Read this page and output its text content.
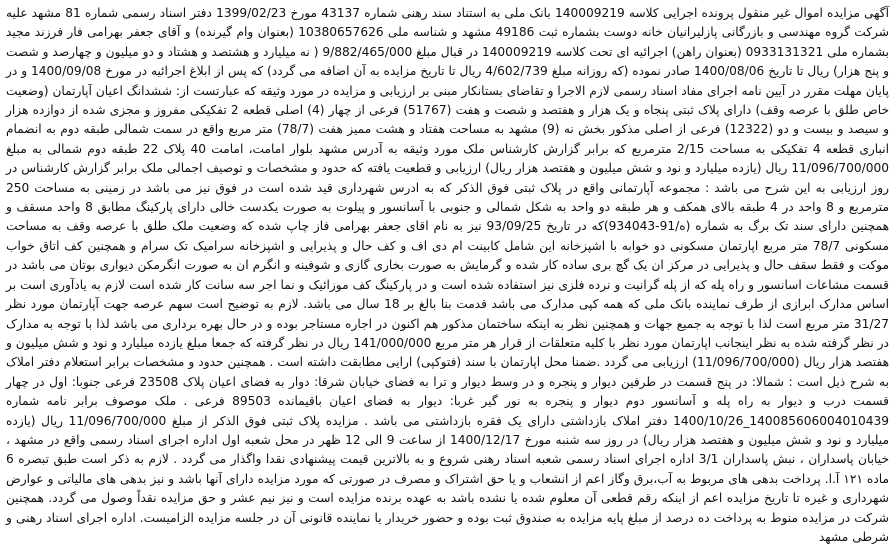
آگهی مزایده اموال غیر منقول پرونده اجرایی کلاسه 140009219 بانک ملی به استناد سند رهنی شماره 43137 مورخ 1399/02/23 دفتر اسناد رسمی شماره 81 مشهد علیه شرکت گروه مهندسی و بازرگانی پازلیرانیان خانه دوست بشماره ثبت 49186 مشهد و شناسه ملی 10380657626 (بعنوان وام گیرنده) و آقای جعفر بهرامی فار فرزند مجید بشماره ملی 0933131321 (بعنوان راهن) اجرائیه ای تحت کلاسه 140009219 در قبال مبلغ 9/882/465/000 ( نه میلیارد و هشتصد و هشتاد و دو میلیون و چهارصد و شصت و پنج هزار) ریال تا تاریخ 1400/08/06 صادر نموده (که روزانه مبلغ 4/602/739 ریال تا تاریخ مزایده به آن اضافه می گردد) که پس از ابلاغ اجرائیه در مورخ 1400/09/08 و در پایان مهلت مقرر در آیین نامه اجرای مفاد اسناد رسمی لازم الاجرا و تقاضای بستانکار مبنی بر ارزیابی و مزایده در مورد وثیقه که عبارتست از: ششدانگ اعیان آپارتمان (وضعیت خاص طلق با عرصه وقف) دارای پلاک ثبتی پنجاه و یک هزار و هفتصد و شصت و هفت (51767) فرعی از چهار (4) اصلی قطعه 2 تفکیکی مفروز و مجزی شده از دوازده هزار و سیصد و بیست و دو (12322) فرعی از اصلی مذکور بخش نه (9) مشهد به مساحت هفتاد و هشت ممیز هفت (78/7) متر مربع واقع در سمت شمالی طبقه دوم به انضمام انباری قطعه 4 تفکیکی به مساحت 2/15 مترمربع که برابر گزارش کارشناس ملک مورد وثیقه به آدرس مشهد بلوار امامت، امامت 40 پلاک 22 طبقه دوم شمالی به مبلغ 11/096/700/000 ریال (یازده میلیارد و نود و شش میلیون و هفتصد هزار ریال) ارزیابی و قطعیت یافته که حدود و مشخصات و توصیف اجمالی ملک برابر گزارش کارشناس در روز ارزیابی به این شرح می باشد : مجموعه آپارتمانی واقع در پلاک ثبتی فوق الذکر که به ادرس شهرداری قید شده است در فوق نیز می باشد در زمینی به مساحت 250 مترمربع و 8 واحد در 4 طبقه بالای همکف و هر طبقه دو واحد به شکل شمالی و جنوبی با آسانسور و پیلوت به صورت یکدست خالی دارای پارکینگ مطابق 8 واحد مسقف و همچنین دارای سند تک برگ به شماره (ه/91-934043)که در تاریخ 93/09/25 نیز به نام اقای جعفر بهرامی فاز چاپ شده که وضعیت ملک طلق با عرصه وقف به مساحت مسکونی 78/7 متر مربع اپارتمان مسکونی دو خوابه با اشپزخانه این شامل کابینت ام دی اف و کف حال و پذیرایی و اشپزخانه سرامیک تک سرام و همچنین کف اتاق خواب موکت و فقط سقف حال و پذیرایی در مرکز ان یک گچ بری ساده کار شده و گرمایش به صورت بخاری گازی و شوفینه و انگرم ان به صورت انگرمکن دیواری بوتان می باشد در قسمت مشاعات اسانسور و راه پله که از پله گرانیت و نرده فلزی نیز استفاده شده است و در پارکینگ کف موزائیک و نما اجر سه سانت کار شده است لازم به یادآوری است بر اساس مدارک ابرازی از طرف نماینده بانک ملی که همه کپی مدارک می باشد قدمت بنا بالغ بر 18 سال می باشد. لازم به توضیح است سهم عرصه جهت آپارتمان مورد نظر 31/27 متر مربع است لذا با توجه به جمیع جهات و همچنین نظر به اینکه ساختمان مذکور هم اکنون در اجاره مستاجر بوده و در حال بهره برداری می باشد لذا با توجه به مدارک در نظر گرفته شده به نظر اینجانب اپارتمان مورد نظر با کلیه متعلقات از قرار هر متر مربع 141/000/000 ریال در نظر گرفته که جمعا مبلغ یازده میلیارد و نود و شش میلیون و هفتصد هزار ریال (11/096/700/000) ارزیابی می گردد .ضمنا محل اپارتمان با سند (فتوکپی) ارایی مطابقت داشته است . همچنین حدود و مشخصات برابر استعلام دفتر املاک به شرح ذیل است : شمالا: در پنج قسمت در طرفین دیوار و پنجره و در وسط دیوار و ترا به فضای خیابان شرقا: دوار به فضای اعیان پلاک 23508 فرعی جنوبا: اول در چهار قسمت درب و دیوار به راه پله و آسانسور دوم دیوار و پنجره به نور گیر غربا: دیوار به فضای اعیان باقیمانده 89503 فرعی . ملک موصوف برابر نامه شماره 140085606004010439_1400/10/26 دفتر املاک بازداشتی دارای یک فقره بازداشتی می باشد . مزایده پلاک ثبتی فوق الذکر از مبلغ 11/096/700/000 ریال (یازده میلیارد و نود و شش میلیون و هفتصد هزار ریال) در روز سه شنبه مورخ 1400/12/17 از ساعت 9 الی 12 ظهر در محل شعبه اول اداره اجرای اسناد رسمی واقع در مشهد ، خیابان پاسداران ، نبش پاسداران 3/1 اداره اجرای اسناد رسمی شعبه اسناد رهنی شروع و به بالاترین قیمت پیشنهادی نقدا واگذار می گردد . لازم به ذکر است طبق تبصره 6 ماده ۱۲۱ آ.ا. پرداخت بدهی های مربوط به آب،برق وگاز اعم از انشعاب و یا حق اشتراک و مصرف در صورتی که مورد مزایده دارای آنها باشد و نیز بدهی های مالیاتی و عوارض شهرداری و غیره تا تاریخ مزایده اعم از اینکه رقم قطعی آن معلوم شده یا نشده باشد به عهده برنده مزایده است و نیز نیم عشر و حق مزایده نقداً وصول می گردد. همچنین شرکت در مزایده منوط به پرداخت ده درصد از مبلغ پایه مزایده به صندوق ثبت بوده و حضور خریدار یا نماینده قانونی آن در جلسه مزایده الزامیست. اداره اجرای اسناد رهنی و شرطی مشهد
